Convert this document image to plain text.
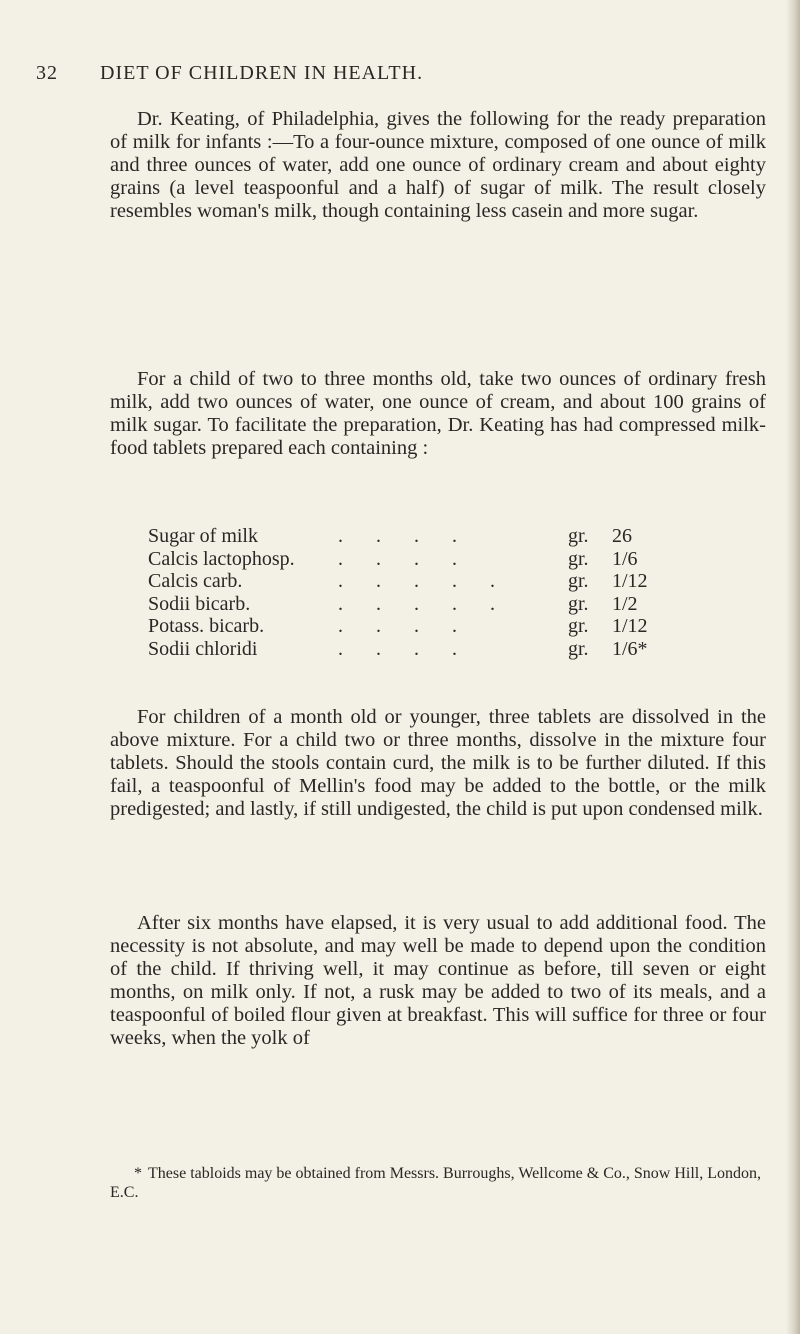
32 DIET OF CHILDREN IN HEALTH.

Dr. Keating, of Philadelphia, gives the following for the ready preparation of milk for infants :—To a four-ounce mixture, composed of one ounce of milk and three ounces of water, add one ounce of ordinary cream and about eighty grains (a level teaspoonful and a half) of sugar of milk. The result closely resembles woman's milk, though containing less casein and more sugar.

For a child of two to three months old, take two ounces of ordinary fresh milk, add two ounces of water, one ounce of cream, and about 100 grains of milk sugar. To facilitate the preparation, Dr. Keating has had compressed milk-food tablets prepared each containing :

Sugar of milk	. . . .	gr. 26
Calcis lactophosp. . . . .	gr. 1/6
Calcis carb.	. . . . .	gr. 1/12
Sodii bicarb.	. . . . .	gr. 1/2
Potass. bicarb.	. . . .	gr. 1/12
Sodii chloridi	. . . .	gr. 1/6*

For children of a month old or younger, three tablets are dissolved in the above mixture. For a child two or three months, dissolve in the mixture four tablets. Should the stools contain curd, the milk is to be further diluted. If this fail, a teaspoonful of Mellin's food may be added to the bottle, or the milk predigested; and lastly, if still undigested, the child is put upon condensed milk.

After six months have elapsed, it is very usual to add additional food. The necessity is not absolute, and may well be made to depend upon the condition of the child. If thriving well, it may continue as before, till seven or eight months, on milk only. If not, a rusk may be added to two of its meals, and a teaspoonful of boiled flour given at breakfast. This will suffice for three or four weeks, when the yolk of

* These tabloids may be obtained from Messrs. Burroughs, Wellcome & Co., Snow Hill, London, E.C.
